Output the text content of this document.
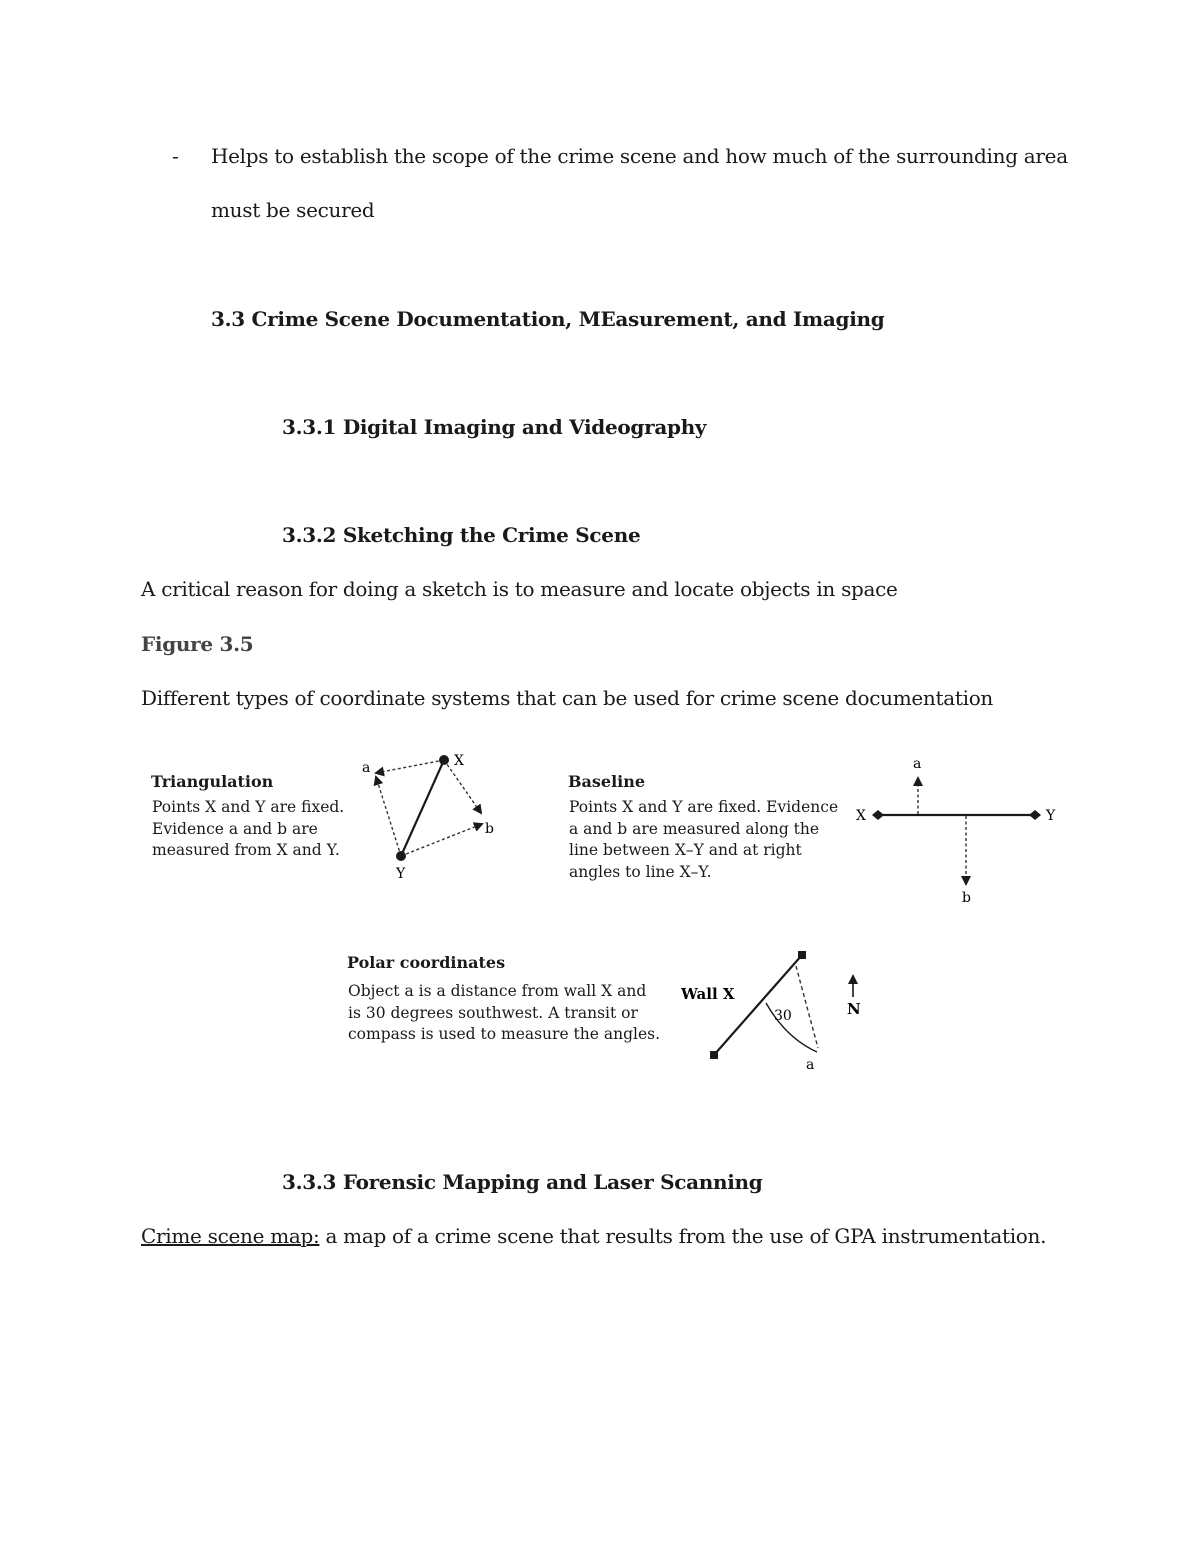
- Helps to establish the scope of the crime scene and how much of the surrounding area
must be secured
3.3 Crime Scene Documentation, MEasurement, and Imaging
3.3.1 Digital Imaging and Videography
3.3.2 Sketching the Crime Scene
A critical reason for doing a sketch is to measure and locate objects in space
Figure 3.5
Different types of coordinate systems that can be used for crime scene documentation
Triangulation
Points X and Y are fixed.
Evidence a and b are
measured from X and Y.
Baseline
Points X and Y are fixed. Evidence
a and b are measured along the
line between X–Y and at right
angles to line X–Y.
Polar coordinates
Object a is a distance from wall X and
is 30 degrees southwest. A transit or
compass is used to measure the angles.
a	X
b
Y
a
X	Y
b
Wall X
30
a
N
3.3.3 Forensic Mapping and Laser Scanning
Crime scene map: a map of a crime scene that results from the use of GPA instrumentation.
